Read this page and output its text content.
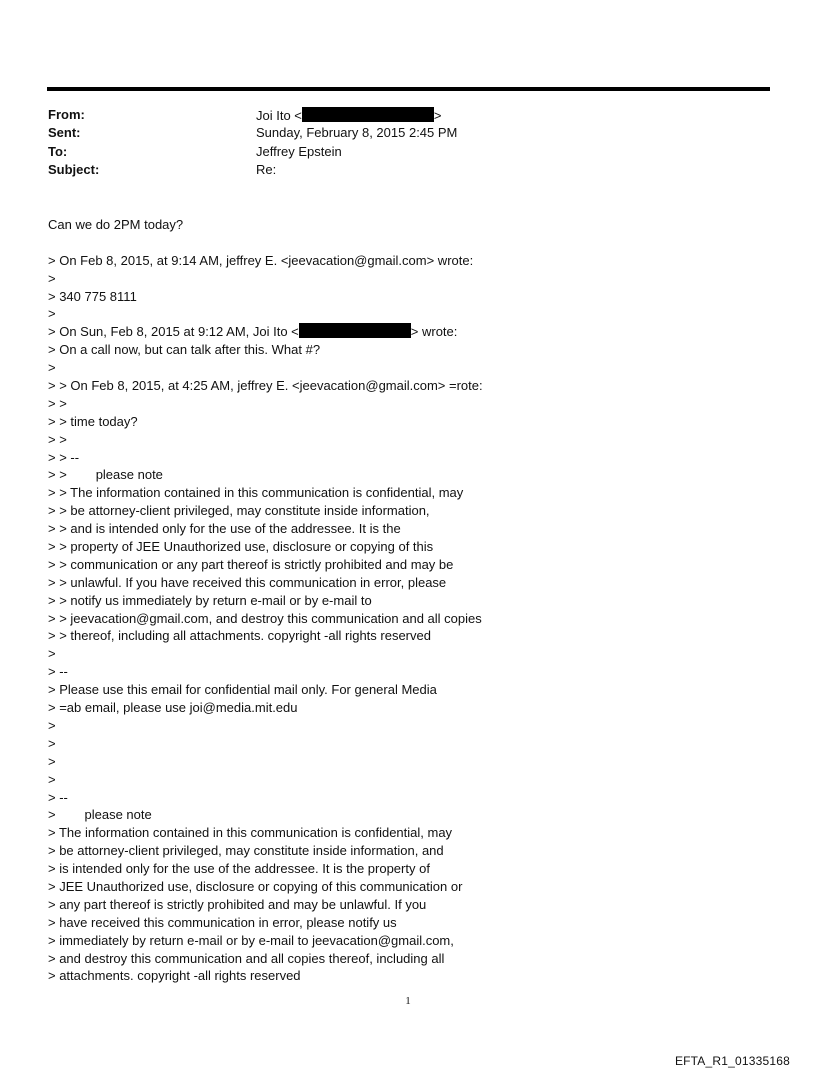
From:	Joi Ito <	>
Sent:	Sunday, February 8, 2015 2:45 PM
To:	Jeffrey Epstein
Subject:	Re:
Can we do 2PM today?
> On Feb 8, 2015, at 9:14 AM, jeffrey E. <jeevacation@gmail.com> wrote:
>
> 340 775 8111
>
> On Sun, Feb 8, 2015 at 9:12 AM, Joi Ito <	> wrote:
> On a call now, but can talk after this. What #?
>
> > On Feb 8, 2015, at 4:25 AM, jeffrey E. <jeevacation@gmail.com> =rote:
> >
> > time today?
> >
> > --
> >        please note
> > The information contained in this communication is confidential, may
> > be attorney-client privileged, may constitute inside information,
> > and is intended only for the use of the addressee. It is the
> > property of JEE Unauthorized use, disclosure or copying of this
> > communication or any part thereof is strictly prohibited and may be
> > unlawful. If you have received this communication in error, please
> > notify us immediately by return e-mail or by e-mail to
> > jeevacation@gmail.com, and destroy this communication and all copies
> > thereof, including all attachments. copyright -all rights reserved
>
> --
> Please use this email for confidential mail only. For general Media
> =ab email, please use joi@media.mit.edu
>
>
>
>
> --
>        please note
> The information contained in this communication is confidential, may
> be attorney-client privileged, may constitute inside information, and
> is intended only for the use of the addressee. It is the property of
> JEE Unauthorized use, disclosure or copying of this communication or
> any part thereof is strictly prohibited and may be unlawful. If you
> have received this communication in error, please notify us
> immediately by return e-mail or by e-mail to jeevacation@gmail.com,
> and destroy this communication and all copies thereof, including all
> attachments. copyright -all rights reserved
1
EFTA_R1_01335168
